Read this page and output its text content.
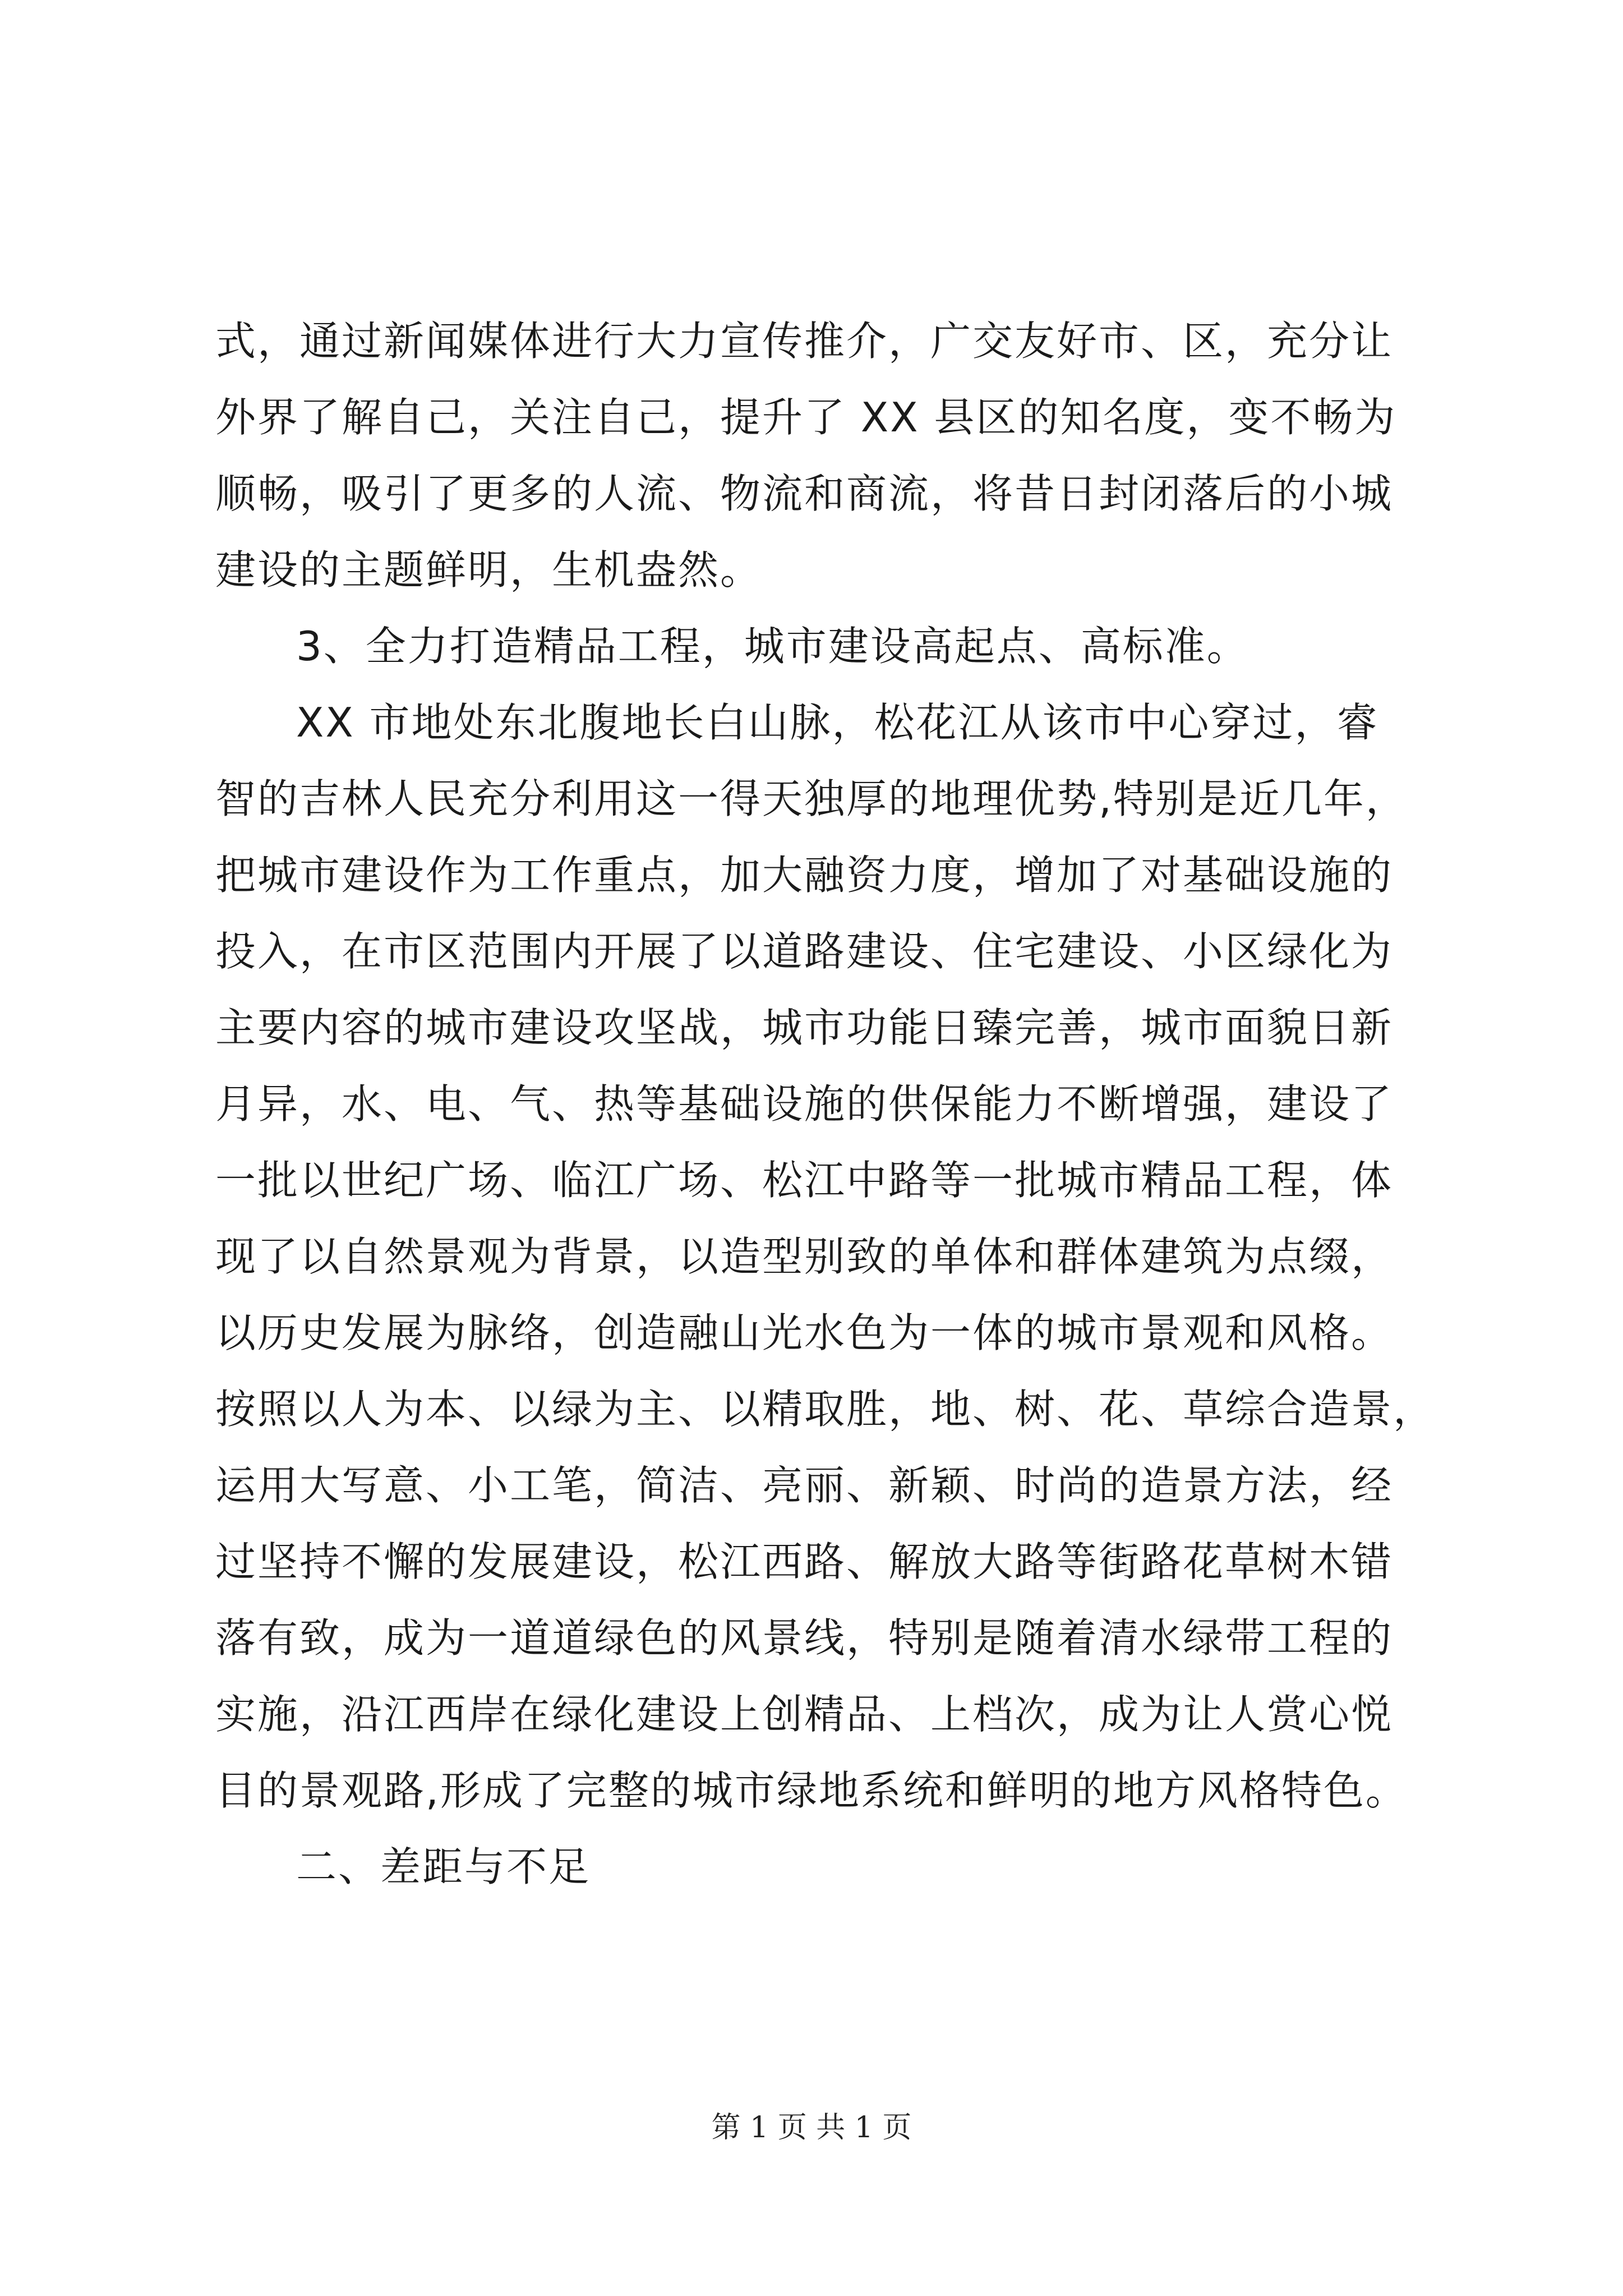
式，通过新闻媒体进行大力宣传推介，广交友好市、区，充分让
外界了解自己，关注自己，提升了 XX 县区的知名度，变不畅为
顺畅，吸引了更多的人流、物流和商流，将昔日封闭落后的小城
建设的主题鲜明，生机盎然。
3、全力打造精品工程，城市建设高起点、高标准。
XX 市地处东北腹地长白山脉，松花江从该市中心穿过，睿
智的吉林人民充分利用这一得天独厚的地理优势,特别是近几年，
把城市建设作为工作重点，加大融资力度，增加了对基础设施的
投入，在市区范围内开展了以道路建设、住宅建设、小区绿化为
主要内容的城市建设攻坚战，城市功能日臻完善，城市面貌日新
月异，水、电、气、热等基础设施的供保能力不断增强，建设了
一批以世纪广场、临江广场、松江中路等一批城市精品工程，体
现了以自然景观为背景，以造型别致的单体和群体建筑为点缀，
以历史发展为脉络，创造融山光水色为一体的城市景观和风格。
按照以人为本、以绿为主、以精取胜，地、树、花、草综合造景，
运用大写意、小工笔，简洁、亮丽、新颖、时尚的造景方法，经
过坚持不懈的发展建设，松江西路、解放大路等街路花草树木错
落有致，成为一道道绿色的风景线，特别是随着清水绿带工程的
实施，沿江西岸在绿化建设上创精品、上档次，成为让人赏心悦
目的景观路,形成了完整的城市绿地系统和鲜明的地方风格特色。
二、差距与不足
第 1 页 共 1 页
